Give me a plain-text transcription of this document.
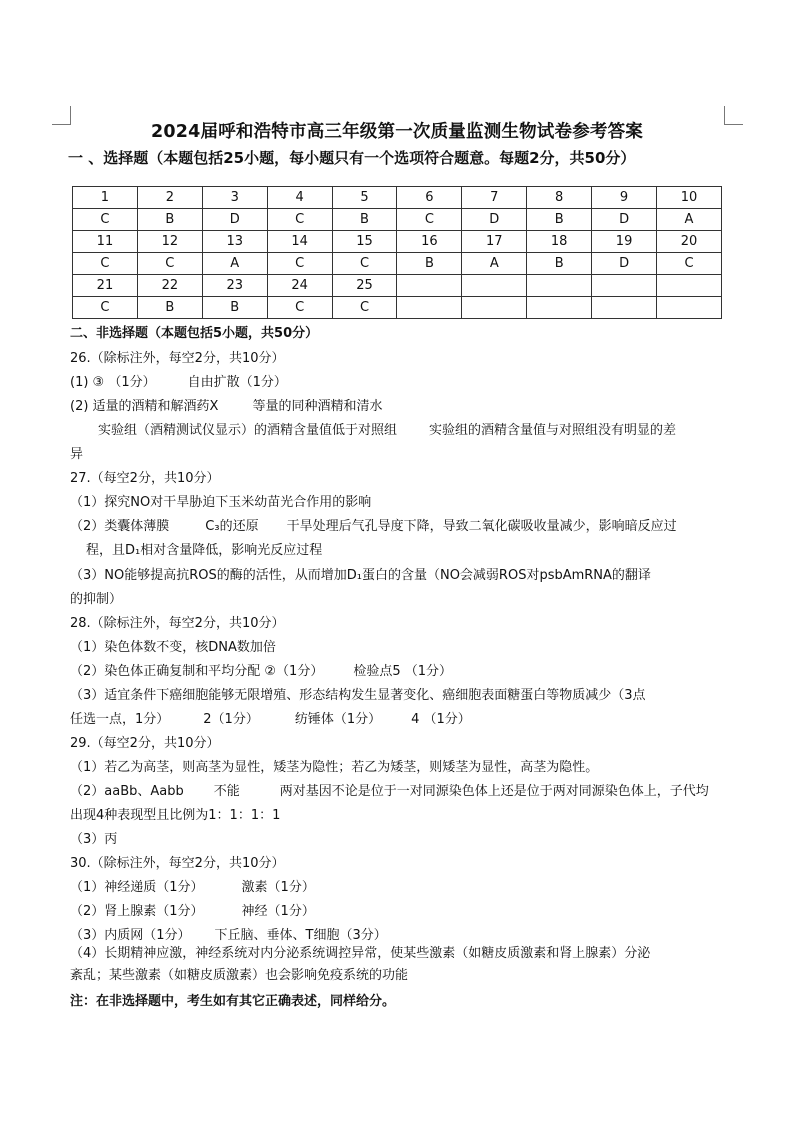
2024届呼和浩特市高三年级第一次质量监测生物试卷参考答案
一 、选择题（本题包括25小题，每小题只有一个选项符合题意。每题2分，共50分）
1	2	3	4	5	6	7	8	9	10
C	B	D	C	B	C	D	B	D	A
11	12	13	14	15	16	17	18	19	20
C	C	A	C	C	B	A	B	D	C
21	22	23	24	25					
C	B	B	C	C					
二、非选择题（本题包括5小题，共50分）
26.（除标注外，每空2分，共10分）
(1) ③ （1分） 自由扩散（1分）
(2) 适量的酒精和解酒药X	等量的同种酒精和清水
实验组（酒精测试仪显示）的酒精含量值低于对照组 实验组的酒精含量值与对照组没有明显的差
异
27.（每空2分，共10分）
（1）探究NO对干旱胁迫下玉米幼苗光合作用的影响
（2）类囊体薄膜	C₃的还原 干旱处理后气孔导度下降，导致二氧化碳吸收量减少，影响暗反应过
程，且D₁相对含量降低，影响光反应过程
（3）NO能够提高抗ROS的酶的活性，从而增加D₁蛋白的含量（NO会减弱ROS对psbAmRNA的翻译
的抑制）
28.（除标注外，每空2分，共10分）
（1）染色体数不变，核DNA数加倍
（2）染色体正确复制和平均分配 ②（1分） 检验点5 （1分）
（3）适宜条件下癌细胞能够无限增殖、形态结构发生显著变化、癌细胞表面糖蛋白等物质减少（3点
任选一点，1分）	2（1分）	纺锤体（1分） 4 （1分）
29.（每空2分，共10分）
（1）若乙为高茎，则高茎为显性，矮茎为隐性；若乙为矮茎，则矮茎为显性，高茎为隐性。
（2）aaBb、Aabb 不能	两对基因不论是位于一对同源染色体上还是位于两对同源染色体上，子代均
出现4种表现型且比例为1：1：1：1
（3）丙
30.（除标注外，每空2分，共10分）
（1）神经递质（1分）	激素（1分）
（2）肾上腺素（1分）	神经（1分）
（3）内质网（1分） 下丘脑、垂体、T细胞（3分）
（4）长期精神应激，神经系统对内分泌系统调控异常，使某些激素（如糖皮质激素和肾上腺素）分泌
紊乱；某些激素（如糖皮质激素）也会影响免疫系统的功能
注：在非选择题中，考生如有其它正确表述，同样给分。
